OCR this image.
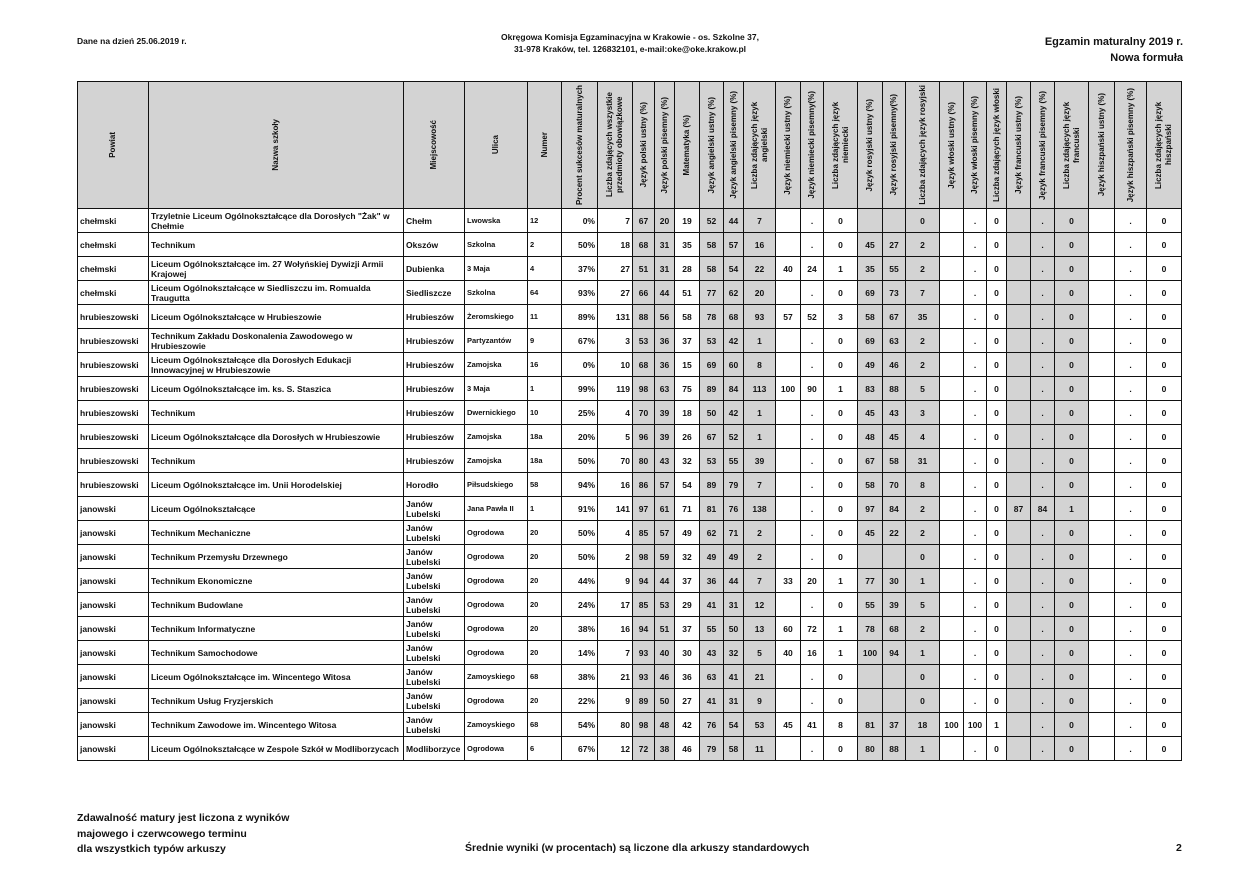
Dane na dzień 25.06.2019 r.	Okręgowa Komisja Egzaminacyjna w Krakowie - os. Szkolne 37,
31-978 Kraków, tel. 126832101, e-mail:oke@oke.krakow.pl
Egzamin maturalny 2019 r.
Nowa formuła
Powiat	Nazwa szkoły	Miejscowość	Ulica	Numer	Procent sukcesów maturalnych	Liczba zdających wszystkie przedmioty obowiązkowe	Język polski ustny (%)	Język polski pisemny (%)	Matematyka (%)	Język angielski ustny (%)	Język angielski pisemny (%)	Liczba zdających język angielski	Język niemiecki ustny (%)	Język niemiecki pisemny(%)	Liczba zdających język niemiecki	Język rosyjski ustny (%)	Język rosyjski pisemny(%)	Liczba zdających język rosyjski	Język włoski ustny (%)	Język włoski pisemny (%)	Liczba zdających język włoski	Język francuski ustny (%)	Język francuski pisemny (%)	Liczba zdających język francuski	Język hiszpański ustny (%)	Język hiszpański pisemny (%)	Liczba zdających język hiszpański

chełmski	Trzyletnie Liceum Ogólnokształcące dla Dorosłych "Żak" w Chełmie	Chełm	Lwowska	12	0%	7	67	20	19	52	44	7		.	0			0		.	0		.	0		.	0
chełmski	Technikum	Okszów	Szkolna	2	50%	18	68	31	35	58	57	16		.	0	45	27	2		.	0		.	0		.	0
chełmski	Liceum Ogólnokształcące im. 27 Wołyńskiej Dywizji Armii Krajowej	Dubienka	3 Maja	4	37%	27	51	31	28	58	54	22	40	24	1	35	55	2		.	0		.	0		.	0
chełmski	Liceum Ogólnokształcące w Siedliszczu im. Romualda Traugutta	Siedliszcze	Szkolna	64	93%	27	66	44	51	77	62	20		.	0	69	73	7		.	0		.	0		.	0
hrubieszowski	Liceum Ogólnokształcące w Hrubieszowie	Hrubieszów	Żeromskiego	11	89%	131	88	56	58	78	68	93	57	52	3	58	67	35		.	0		.	0		.	0
hrubieszowski	Technikum Zakładu Doskonalenia Zawodowego w Hrubieszowie	Hrubieszów	Partyzantów	9	67%	3	53	36	37	53	42	1		.	0	69	63	2		.	0		.	0		.	0
hrubieszowski	Liceum Ogólnokształcące dla Dorosłych Edukacji Innowacyjnej w Hrubieszowie	Hrubieszów	Zamojska	16	0%	10	68	36	15	69	60	8		.	0	49	46	2		.	0		.	0		.	0
hrubieszowski	Liceum Ogólnokształcące im. ks. S. Staszica	Hrubieszów	3 Maja	1	99%	119	98	63	75	89	84	113	100	90	1	83	88	5		.	0		.	0		.	0
hrubieszowski	Technikum	Hrubieszów	Dwernickiego	10	25%	4	70	39	18	50	42	1		.	0	45	43	3		.	0		.	0		.	0
hrubieszowski	Liceum Ogólnokształcące dla Dorosłych w Hrubieszowie	Hrubieszów	Zamojska	18a	20%	5	96	39	26	67	52	1		.	0	48	45	4		.	0		.	0		.	0
hrubieszowski	Technikum	Hrubieszów	Zamojska	18a	50%	70	80	43	32	53	55	39		.	0	67	58	31		.	0		.	0		.	0
hrubieszowski	Liceum Ogólnokształcące im. Unii Horodelskiej	Horodło	Piłsudskiego	58	94%	16	86	57	54	89	79	7		.	0	58	70	8		.	0		.	0		.	0
janowski	Liceum Ogólnokształcące	Janów Lubelski	Jana Pawła II	1	91%	141	97	61	71	81	76	138		.	0	97	84	2		.	0	87	84	1		.	0
janowski	Technikum Mechaniczne	Janów Lubelski	Ogrodowa	20	50%	4	85	57	49	62	71	2		.	0	45	22	2		.	0		.	0		.	0
janowski	Technikum Przemysłu Drzewnego	Janów Lubelski	Ogrodowa	20	50%	2	98	59	32	49	49	2		.	0			0		.	0		.	0		.	0
janowski	Technikum Ekonomiczne	Janów Lubelski	Ogrodowa	20	44%	9	94	44	37	36	44	7	33	20	1	77	30	1		.	0		.	0		.	0
janowski	Technikum Budowlane	Janów Lubelski	Ogrodowa	20	24%	17	85	53	29	41	31	12		.	0	55	39	5		.	0		.	0		.	0
janowski	Technikum Informatyczne	Janów Lubelski	Ogrodowa	20	38%	16	94	51	37	55	50	13	60	72	1	78	68	2		.	0		.	0		.	0
janowski	Technikum Samochodowe	Janów Lubelski	Ogrodowa	20	14%	7	93	40	30	43	32	5	40	16	1	100	94	1		.	0		.	0		.	0
janowski	Liceum Ogólnokształcące im. Wincentego Witosa	Janów Lubelski	Zamoyskiego	68	38%	21	93	46	36	63	41	21		.	0			0		.	0		.	0		.	0
janowski	Technikum Usług Fryzjerskich	Janów Lubelski	Ogrodowa	20	22%	9	89	50	27	41	31	9		.	0			0		.	0		.	0		.	0
janowski	Technikum Zawodowe im. Wincentego Witosa	Janów Lubelski	Zamoyskiego	68	54%	80	98	48	42	76	54	53	45	41	8	81	37	18	100	100	1		.	0		.	0
janowski	Liceum Ogólnokształcące w Zespole Szkół w Modliborzycach	Modliborzyce	Ogrodowa	6	67%	12	72	38	46	79	58	11		.	0	80	88	1		.	0		.	0		.	0
Zdawalność matury jest liczona z wyników
majowego i czerwcowego terminu
dla wszystkich typów arkuszy	Średnie wyniki (w procentach) są liczone dla arkuszy standardowych	2
